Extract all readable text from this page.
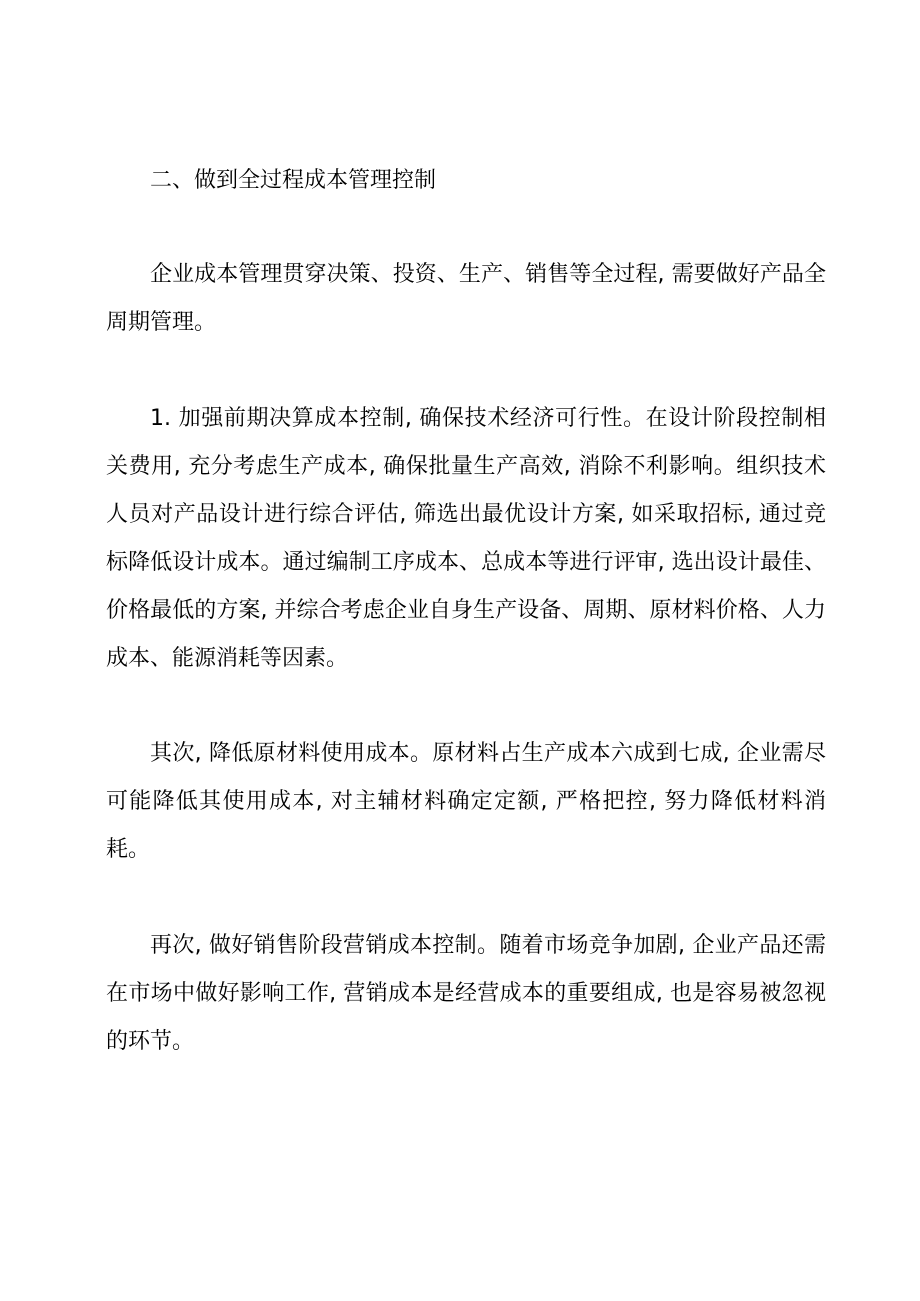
二、做到全过程成本管理控制

企业成本管理贯穿决策、投资、生产、销售等全过程, 需要做好产品全周期管理。

1. 加强前期决算成本控制, 确保技术经济可行性。在设计阶段控制相关费用, 充分考虑生产成本, 确保批量生产高效, 消除不利影响。组织技术人员对产品设计进行综合评估, 筛选出最优设计方案, 如采取招标, 通过竞标降低设计成本。通过编制工序成本、总成本等进行评审, 选出设计最佳、价格最低的方案, 并综合考虑企业自身生产设备、周期、原材料价格、人力成本、能源消耗等因素。

其次, 降低原材料使用成本。原材料占生产成本六成到七成, 企业需尽可能降低其使用成本, 对主辅材料确定定额, 严格把控, 努力降低材料消耗。

再次, 做好销售阶段营销成本控制。随着市场竞争加剧, 企业产品还需在市场中做好影响工作, 营销成本是经营成本的重要组成, 也是容易被忽视的环节。
